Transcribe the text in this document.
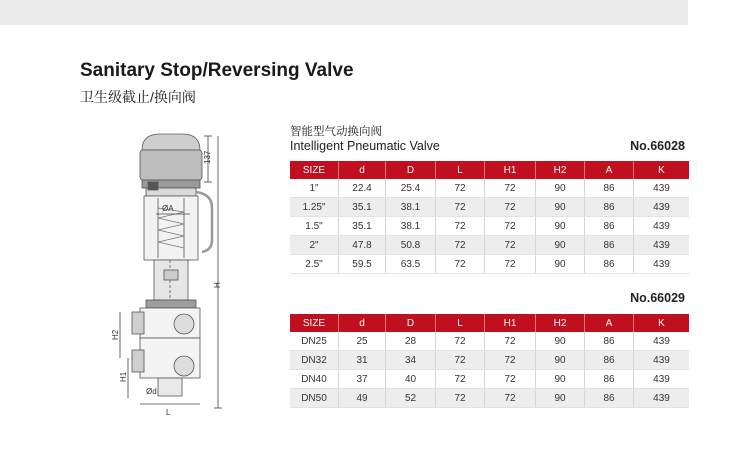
Sanitary Stop/Reversing Valve
卫生级截止/换向阀
137
ØA
H
H2
H1
L
Ød
智能型气动换向阀
Intelligent Pneumatic Valve	No.66028
SIZE	d	D	L	H1	H2	A	K
1"	22.4	25.4	72	72	90	86	439
1.25"	35.1	38.1	72	72	90	86	439
1.5"	35.1	38.1	72	72	90	86	439
2"	47.8	50.8	72	72	90	86	439
2.5"	59.5	63.5	72	72	90	86	439
No.66029
SIZE	d	D	L	H1	H2	A	K
DN25	25	28	72	72	90	86	439
DN32	31	34	72	72	90	86	439
DN40	37	40	72	72	90	86	439
DN50	49	52	72	72	90	86	439
